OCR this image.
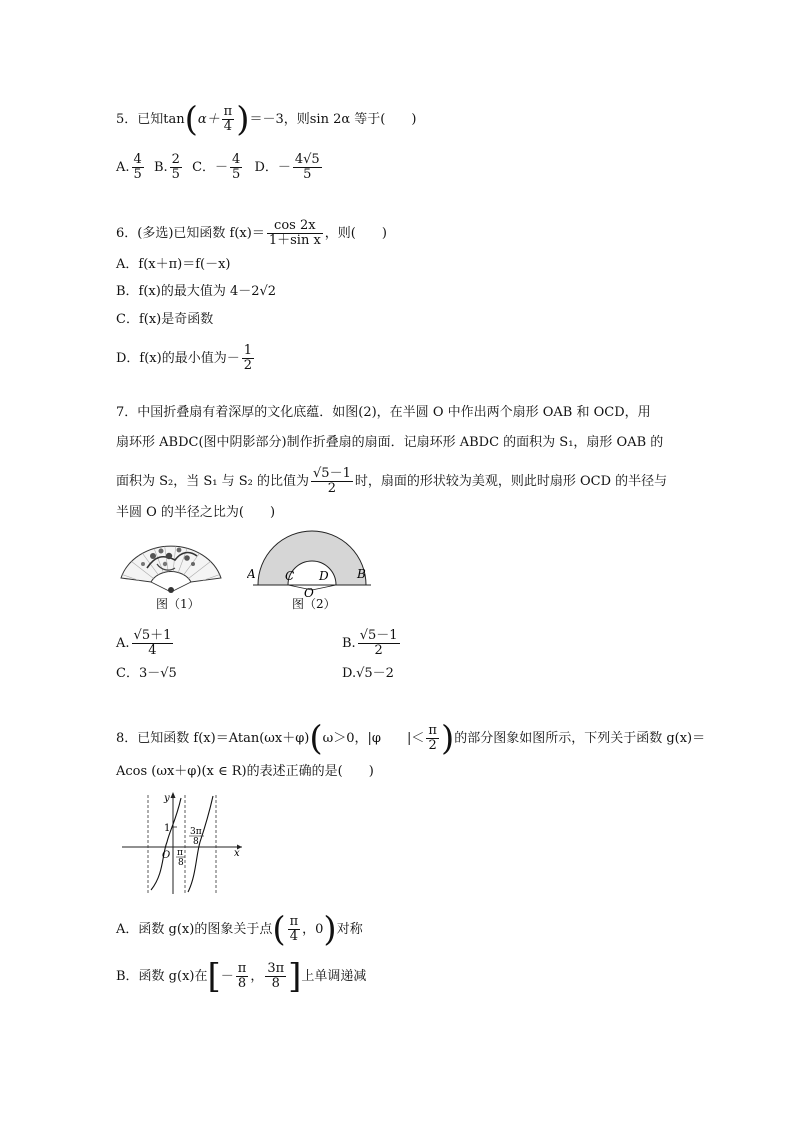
5．已知$\tan(\alpha+ \frac{\pi}{4} )=-3$，则sin 2α 等于(　　)
A. $\frac{4}{5} B$. $\frac{2}{5}$ C．－ $\frac{4}{5}$ D．－ $\frac{4√5}{5}$
6．(多选)已知函数 $f(x)= \frac{\cos 2x}{\text{1＋sin x}}$ ，则(　　)
A．f(x＋π)＝f(－x)
B．f(x)的最大值为 4－2√2
C．f(x)是奇函数
D．f(x)的最小值为－ $\frac{1}{2}$
7．中国折叠扇有着深厚的文化底蕴．如图(2)，在半圆 O 中作出两个扇形 OAB 和 OCD，用
扇环形 ABDC(图中阴影部分)制作折叠扇的扇面．记扇环形 ABDC 的面积为 S₁，扇形 OAB 的
面积为 S₂，当 S₁ 与 S₂ 的比值为 $\frac{√5-1}{2}$ 时，扇面的形状较为美观，则此时扇形 OCD 的半径与
半圆 O 的半径之比为(　　)
图（1）
A C D B
O
图（2）
A. $\frac{√5+1}{4}$	B. $\frac{√5-1}{2}$
C．3－√5	D.√5－2
8．已知函数 f(x)＝Atan(ωx＋φ)(ω＞0，|φ　　|＜ $\frac{\pi}{2}$ )的部分图象如图所示，下列关于函数 g(x)＝
Acos (ωx＋φ)(x ∈ R)的表述正确的是(　　)
y
x
O
1 3π
8
π
8
A．函数 g(x)的图象关于点( $\frac{\pi}{4}$ ，0)对称
B．函数 g(x)在[－ $\frac{\pi}{8}$ ， $\frac{3\pi}{8}$ ]上单调递减
